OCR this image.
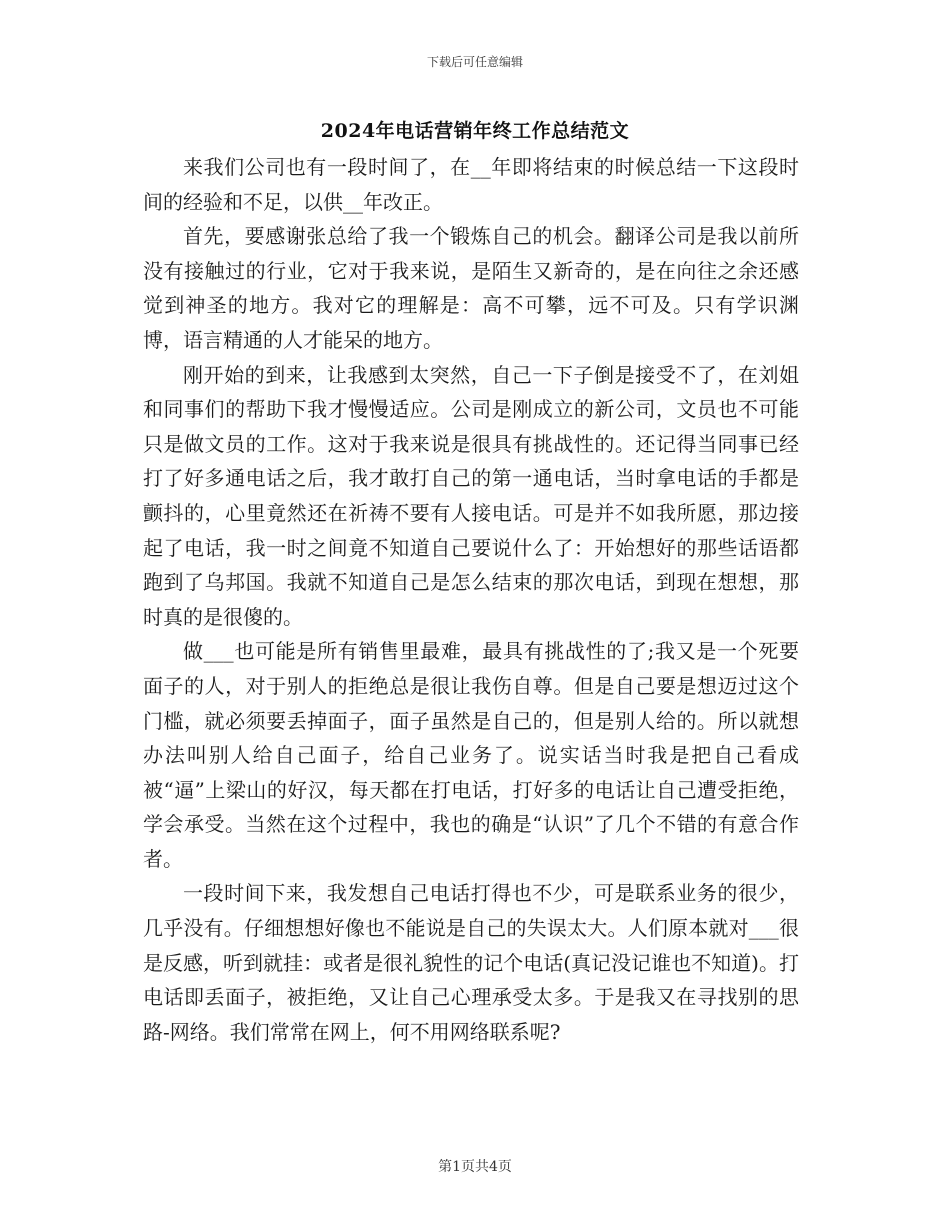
下载后可任意编辑
2024年电话营销年终工作总结范文

来我们公司也有一段时间了，在__年即将结束的时候总结一下这段时间的经验和不足，以供__年改正。

首先，要感谢张总给了我一个锻炼自己的机会。翻译公司是我以前所没有接触过的行业，它对于我来说，是陌生又新奇的，是在向往之余还感觉到神圣的地方。我对它的理解是：高不可攀，远不可及。只有学识渊博，语言精通的人才能呆的地方。

刚开始的到来，让我感到太突然，自己一下子倒是接受不了，在刘姐和同事们的帮助下我才慢慢适应。公司是刚成立的新公司，文员也不可能只是做文员的工作。这对于我来说是很具有挑战性的。还记得当同事已经打了好多通电话之后，我才敢打自己的第一通电话，当时拿电话的手都是颤抖的，心里竟然还在祈祷不要有人接电话。可是并不如我所愿，那边接起了电话，我一时之间竟不知道自己要说什么了：开始想好的那些话语都跑到了乌邦国。我就不知道自己是怎么结束的那次电话，到现在想想，那时真的是很傻的。

做___也可能是所有销售里最难，最具有挑战性的了;我又是一个死要面子的人，对于别人的拒绝总是很让我伤自尊。但是自己要是想迈过这个门槛，就必须要丢掉面子，面子虽然是自己的，但是别人给的。所以就想办法叫别人给自己面子，给自己业务了。说实话当时我是把自己看成被“逼”上梁山的好汉，每天都在打电话，打好多的电话让自己遭受拒绝，学会承受。当然在这个过程中，我也的确是“认识”了几个不错的有意合作者。

一段时间下来，我发想自己电话打得也不少，可是联系业务的很少，几乎没有。仔细想想好像也不能说是自己的失误太大。人们原本就对___很是反感，听到就挂：或者是很礼貌性的记个电话(真记没记谁也不知道)。打电话即丢面子，被拒绝，又让自己心理承受太多。于是我又在寻找别的思路-网络。我们常常在网上，何不用网络联系呢?

第1页共4页
